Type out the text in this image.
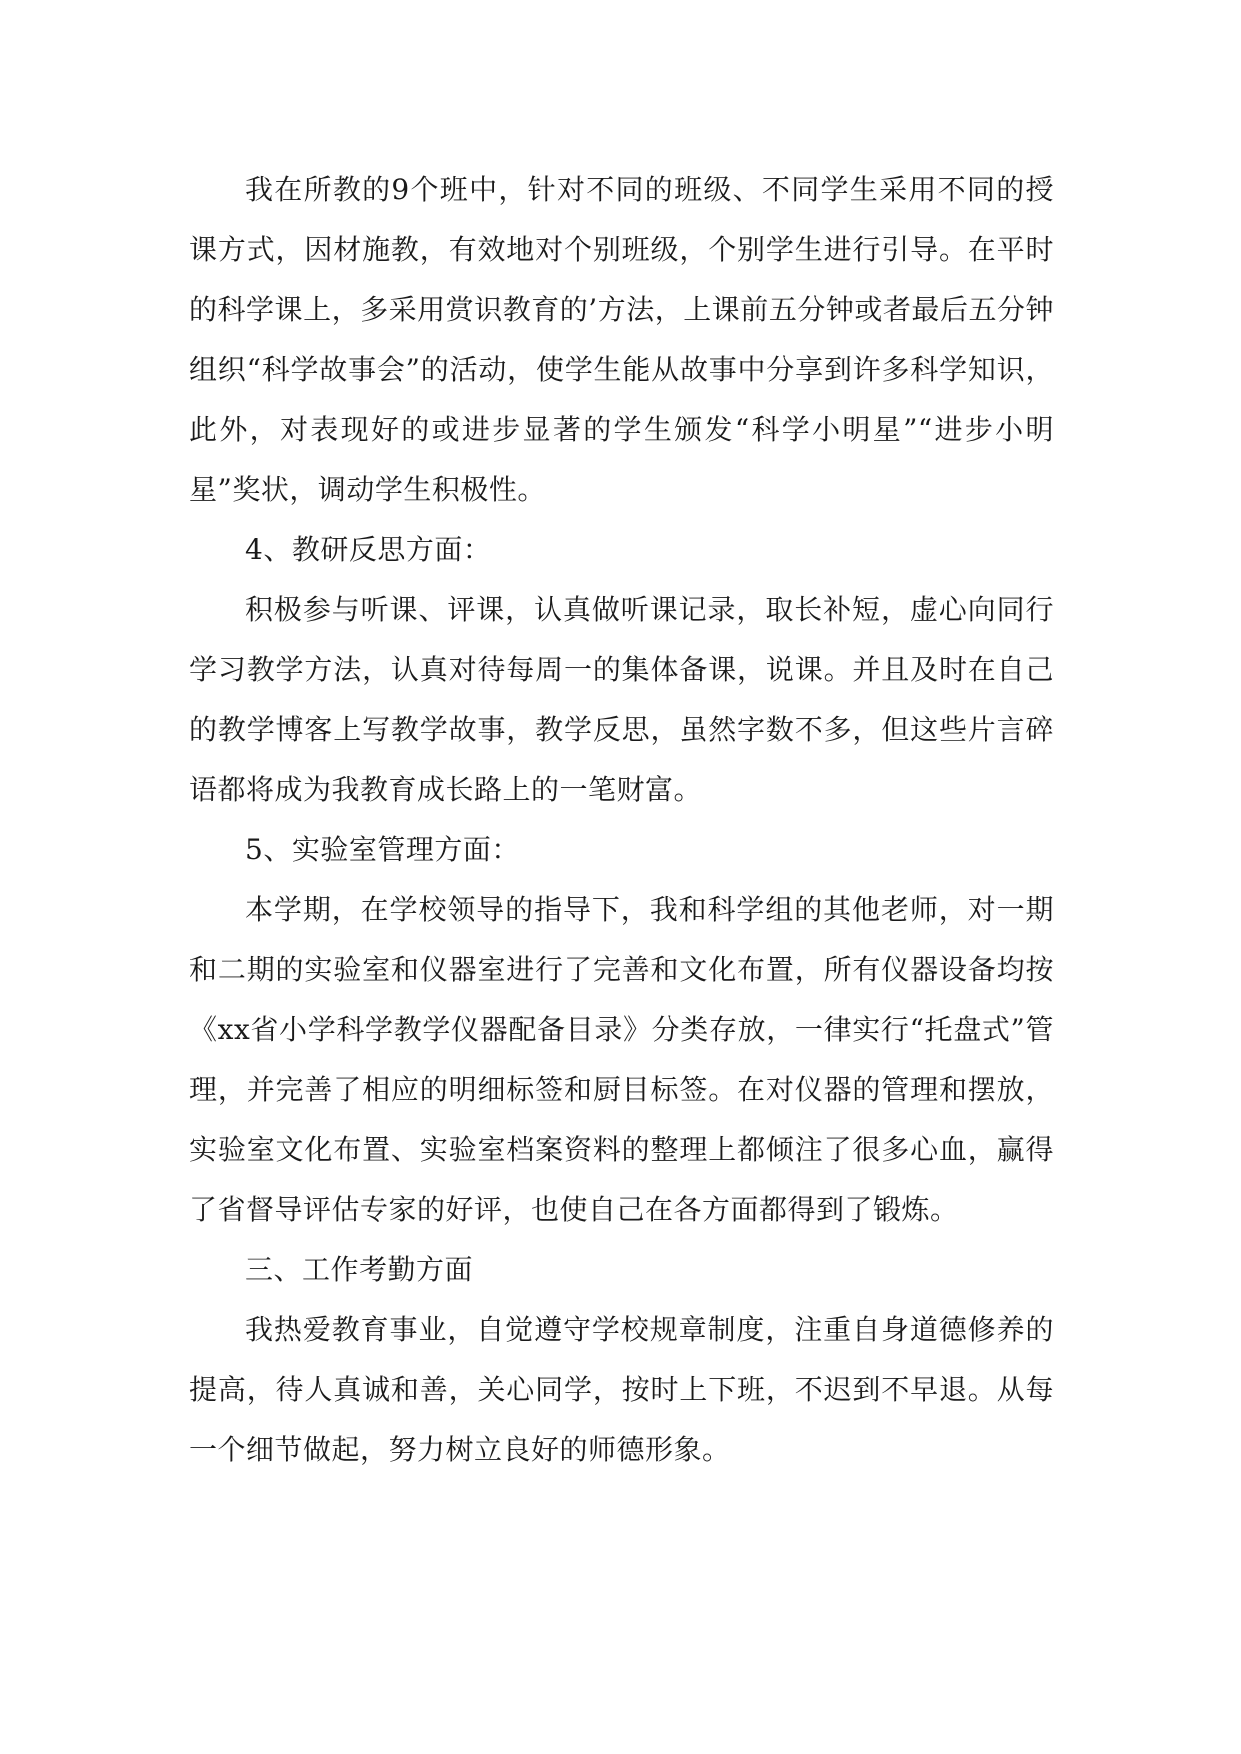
我在所教的9个班中，针对不同的班级、不同学生采用不同的授课方式，因材施教，有效地对个别班级，个别学生进行引导。在平时的科学课上，多采用赏识教育的’方法，上课前五分钟或者最后五分钟组织“科学故事会”的活动，使学生能从故事中分享到许多科学知识，此外，对表现好的或进步显著的学生颁发“科学小明星”“进步小明星”奖状，调动学生积极性。

4、教研反思方面：

积极参与听课、评课，认真做听课记录，取长补短，虚心向同行学习教学方法，认真对待每周一的集体备课，说课。并且及时在自己的教学博客上写教学故事，教学反思，虽然字数不多，但这些片言碎语都将成为我教育成长路上的一笔财富。

5、实验室管理方面：

本学期，在学校领导的指导下，我和科学组的其他老师，对一期和二期的实验室和仪器室进行了完善和文化布置，所有仪器设备均按《xx省小学科学教学仪器配备目录》分类存放，一律实行“托盘式”管理，并完善了相应的明细标签和厨目标签。在对仪器的管理和摆放，实验室文化布置、实验室档案资料的整理上都倾注了很多心血，赢得了省督导评估专家的好评，也使自己在各方面都得到了锻炼。

三、工作考勤方面

我热爱教育事业，自觉遵守学校规章制度，注重自身道德修养的提高，待人真诚和善，关心同学，按时上下班，不迟到不早退。从每一个细节做起，努力树立良好的师德形象。
